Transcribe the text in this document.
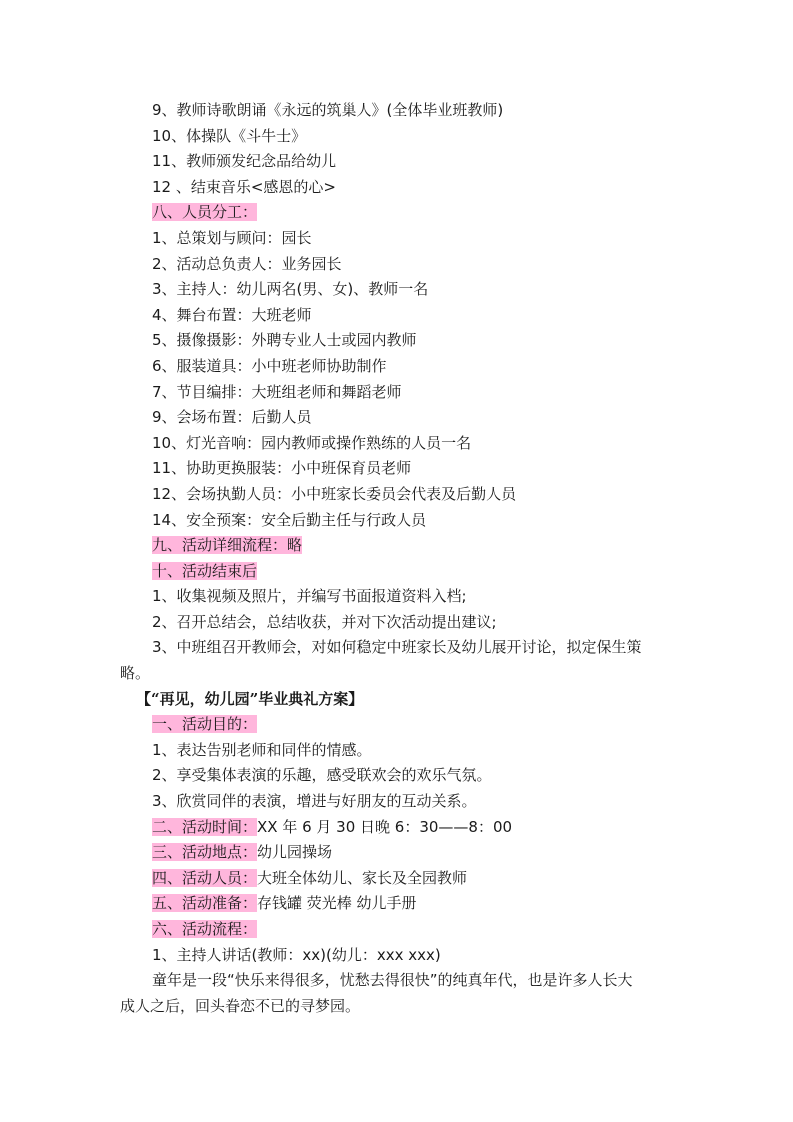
9、教师诗歌朗诵《永远的筑巢人》(全体毕业班教师)
10、体操队《斗牛士》
11、教师颁发纪念品给幼儿
12 、结束音乐<感恩的心>
八、人员分工：
1、总策划与顾问：园长
2、活动总负责人：业务园长
3、主持人：幼儿两名(男、女)、教师一名
4、舞台布置：大班老师
5、摄像摄影：外聘专业人士或园内教师
6、服装道具：小中班老师协助制作
7、节目编排：大班组老师和舞蹈老师
9、会场布置：后勤人员
10、灯光音响：园内教师或操作熟练的人员一名
11、协助更换服装：小中班保育员老师
12、会场执勤人员：小中班家长委员会代表及后勤人员
14、安全预案：安全后勤主任与行政人员
九、活动详细流程：略
十、活动结束后
1、收集视频及照片，并编写书面报道资料入档;
2、召开总结会，总结收获，并对下次活动提出建议;
3、中班组召开教师会，对如何稳定中班家长及幼儿展开讨论，拟定保生策
略。
【“再见，幼儿园”毕业典礼方案】
一、活动目的：
1、表达告别老师和同伴的情感。
2、享受集体表演的乐趣，感受联欢会的欢乐气氛。
3、欣赏同伴的表演，增进与好朋友的互动关系。
二、活动时间：XX 年 6 月 30 日晚 6：30——8：00
三、活动地点：幼儿园操场
四、活动人员：大班全体幼儿、家长及全园教师
五、活动准备：存钱罐 荧光棒 幼儿手册
六、活动流程：
1、主持人讲话(教师：xx)(幼儿：xxx xxx)
童年是一段“快乐来得很多，忧愁去得很快”的纯真年代，也是许多人长大
成人之后，回头眷恋不已的寻梦园。
